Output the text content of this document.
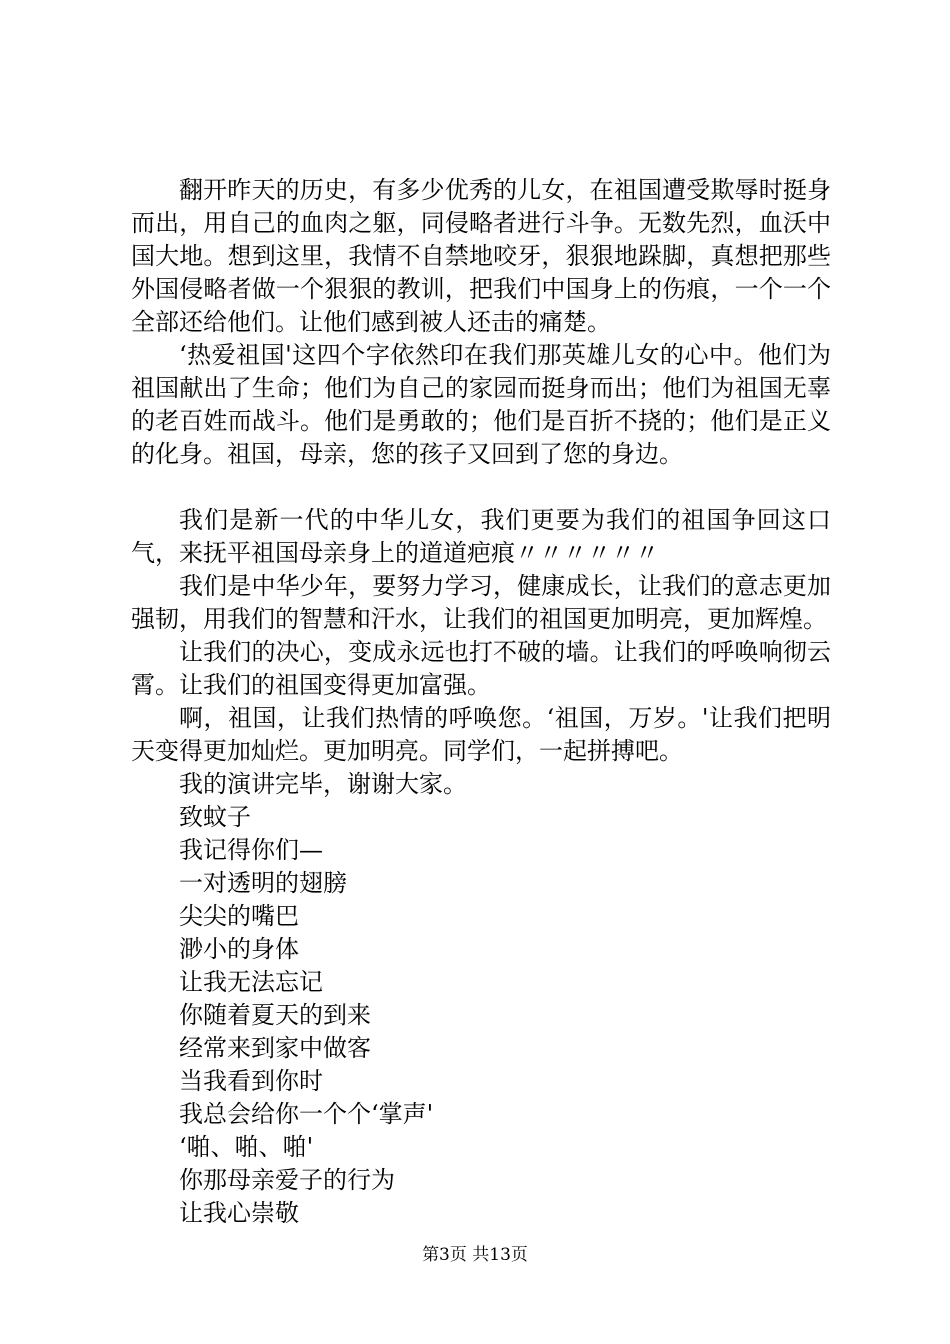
翻开昨天的历史，有多少优秀的儿女，在祖国遭受欺辱时挺身而出，用自己的血肉之躯，同侵略者进行斗争。无数先烈，血沃中国大地。想到这里，我情不自禁地咬牙，狠狠地跺脚，真想把那些外国侵略者做一个狠狠的教训，把我们中国身上的伤痕，一个一个全部还给他们。让他们感到被人还击的痛楚。

‘热爱祖国'这四个字依然印在我们那英雄儿女的心中。他们为祖国献出了生命；他们为自己的家园而挺身而出；他们为祖国无辜的老百姓而战斗。他们是勇敢的；他们是百折不挠的；他们是正义的化身。祖国，母亲，您的孩子又回到了您的身边。

我们是新一代的中华儿女，我们更要为我们的祖国争回这口气，来抚平祖国母亲身上的道道疤痕〃〃〃〃〃〃

我们是中华少年，要努力学习，健康成长，让我们的意志更加强韧，用我们的智慧和汗水，让我们的祖国更加明亮，更加辉煌。

让我们的决心，变成永远也打不破的墙。让我们的呼唤响彻云霄。让我们的祖国变得更加富强。

啊，祖国，让我们热情的呼唤您。‘祖国，万岁。'让我们把明天变得更加灿烂。更加明亮。同学们，一起拼搏吧。

我的演讲完毕，谢谢大家。

致蚊子

我记得你们—

一对透明的翅膀

尖尖的嘴巴

渺小的身体

让我无法忘记

你随着夏天的到来

经常来到家中做客

当我看到你时

我总会给你一个个‘掌声'

‘啪、啪、啪'

你那母亲爱子的行为

让我心崇敬

第3页 共13页
